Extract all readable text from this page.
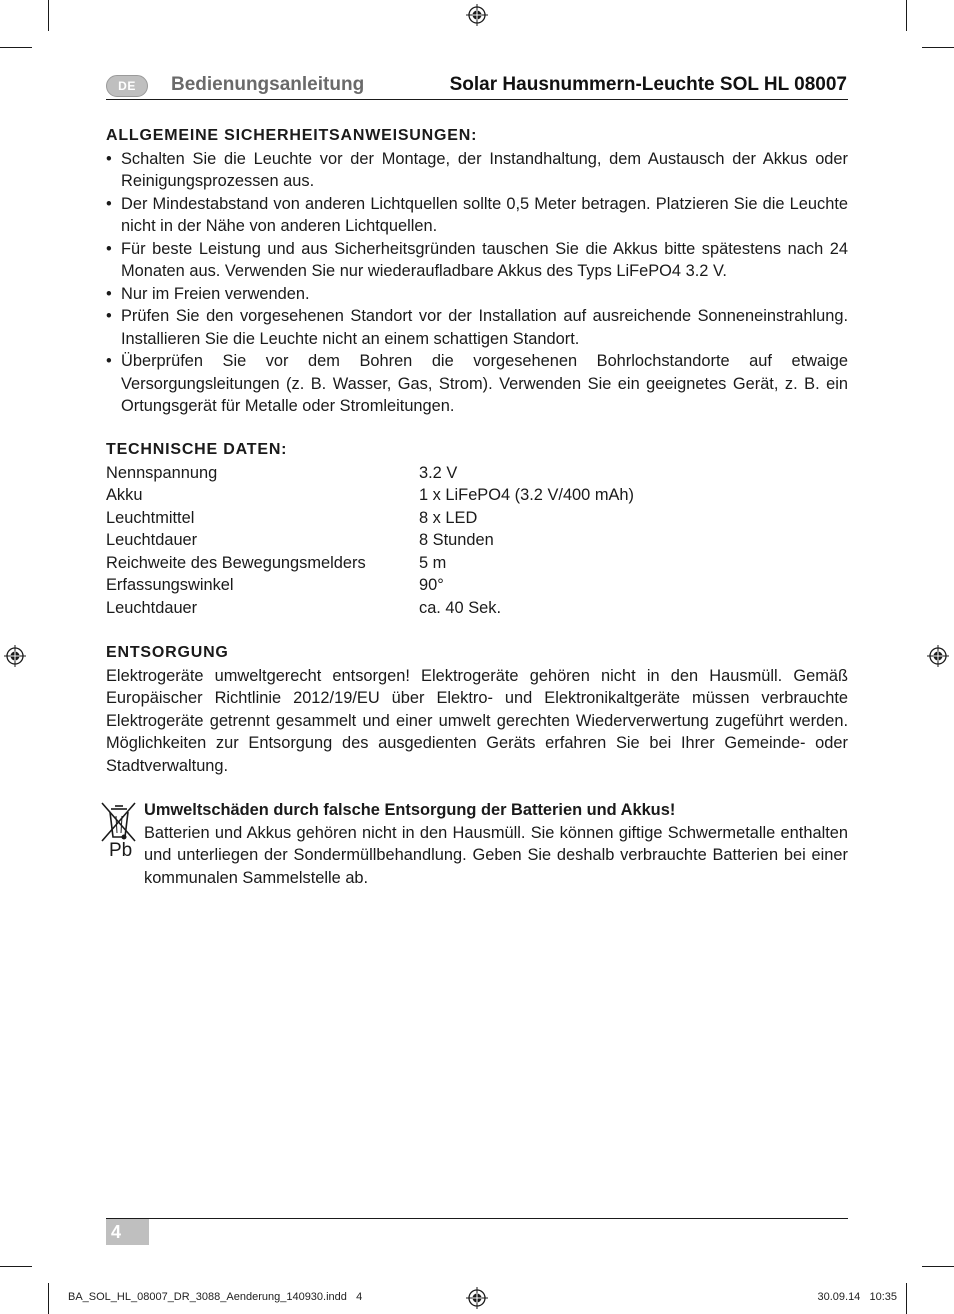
DE	Bedienungsanleitung	Solar Hausnummern-Leuchte SOL HL 08007
ALLGEMEINE SICHERHEITSANWEISUNGEN:
• Schalten Sie die Leuchte vor der Montage, der Instandhaltung, dem Austausch der Akkus oder Reinigungsprozessen aus.
• Der Mindestabstand von anderen Lichtquellen sollte 0,5 Meter betragen. Platzieren Sie die Leuchte nicht in der Nähe von anderen Lichtquellen.
• Für beste Leistung und aus Sicherheitsgründen tauschen Sie die Akkus bitte spätestens nach 24 Monaten aus. Verwenden Sie nur wiederaufladbare Akkus des Typs LiFePO4 3.2 V.
• Nur im Freien verwenden.
• Prüfen Sie den vorgesehenen Standort vor der Installation auf ausreichende Sonneneinstrahlung. Installieren Sie die Leuchte nicht an einem schattigen Standort.
• Überprüfen Sie vor dem Bohren die vorgesehenen Bohrlochstandorte auf etwaige Versorgungsleitungen (z. B. Wasser, Gas, Strom). Verwenden Sie ein geeignetes Gerät, z. B. ein Ortungsgerät für Metalle oder Stromleitungen.
TECHNISCHE DATEN:
Nennspannung	3.2 V
Akku	1 x LiFePO4 (3.2 V/400 mAh)
Leuchtmittel	8 x LED
Leuchtdauer	8 Stunden
Reichweite des Bewegungsmelders	5 m
Erfassungswinkel	90°
Leuchtdauer	ca. 40 Sek.
ENTSORGUNG

Elektrogeräte umweltgerecht entsorgen! Elektrogeräte gehören nicht in den Hausmüll. Gemäß Europäischer Richtlinie 2012/19/EU über Elektro- und Elektronikaltgeräte müssen verbrauchte Elektrogeräte getrennt gesammelt und einer umwelt gerechten Wiederverwertung zugeführt werden. Möglichkeiten zur Entsorgung des ausgedienten Geräts erfahren Sie bei Ihrer Gemeinde- oder Stadtverwaltung.

Pb
Umweltschäden durch falsche Entsorgung der Batterien und Akkus!

Batterien und Akkus gehören nicht in den Hausmüll. Sie können giftige Schwermetalle enthalten und unterliegen der Sondermüllbehandlung. Geben Sie deshalb verbrauchte Batterien bei einer kommunalen Sammelstelle ab.

4
BA_SOL_HL_08007_DR_3088_Aenderung_140930.indd   4	30.09.14   10:35
